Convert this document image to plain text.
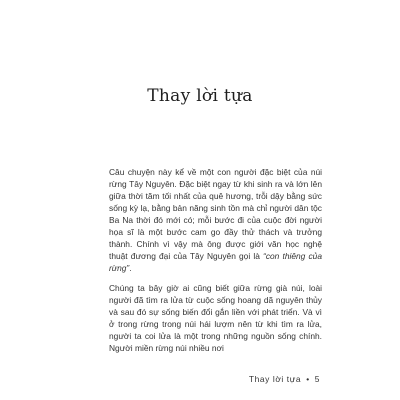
Thay lời tựa

Câu chuyện này kể về một con người đặc biệt của núi rừng Tây Nguyên. Đặc biệt ngay từ khi sinh ra và lớn lên giữa thời tăm tối nhất của quê hương, trỗi dậy bằng sức sống kỳ lạ, bằng bản năng sinh tồn mà chỉ người dân tộc Ba Na thời đó mới có; mỗi bước đi của cuộc đời người họa sĩ là một bước cam go đầy thử thách và trưởng thành. Chính vì vậy mà ông được giới văn học nghệ thuật đương đại của Tây Nguyên gọi là “con thiêng của rừng”.

Chúng ta bây giờ ai cũng biết giữa rừng già núi, loài người đã tìm ra lửa từ cuộc sống hoang dã nguyên thủy và sau đó sự sống biến đổi gắn liền với phát triển. Và vì ở trong rừng trong núi hái lượm nên từ khi tìm ra lửa, người ta coi lửa là một trong những nguồn sống chính. Người miền rừng núi nhiều nơi

Thay lời tựa • 5
